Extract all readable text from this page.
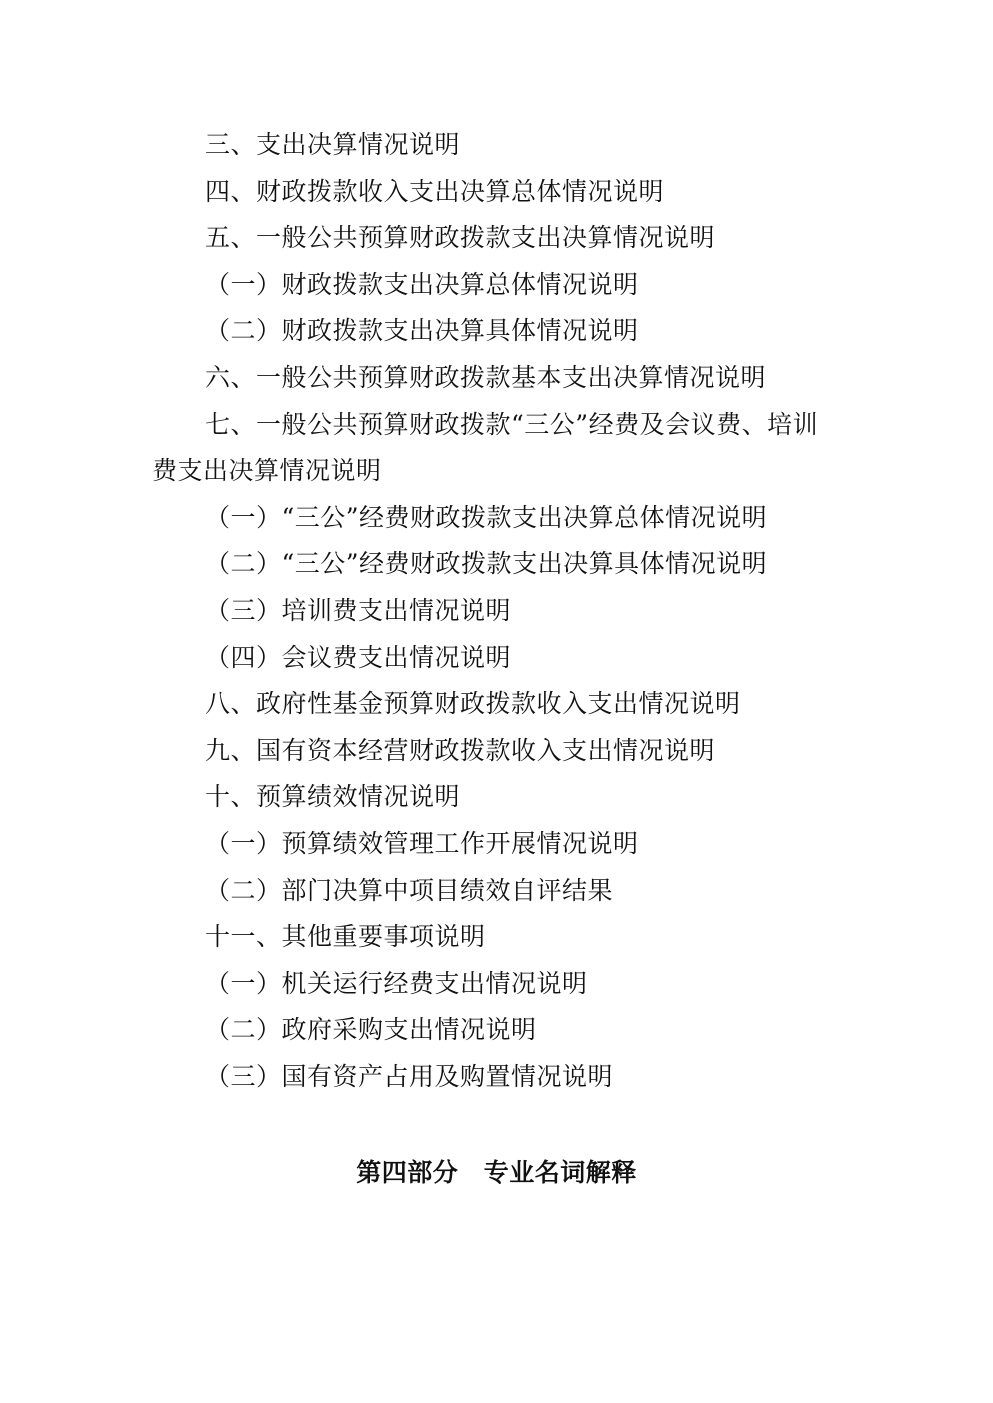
三、支出决算情况说明
四、财政拨款收入支出决算总体情况说明
五、一般公共预算财政拨款支出决算情况说明
（一）财政拨款支出决算总体情况说明
（二）财政拨款支出决算具体情况说明
六、一般公共预算财政拨款基本支出决算情况说明
七、一般公共预算财政拨款“三公”经费及会议费、培训
费支出决算情况说明
（一）“三公”经费财政拨款支出决算总体情况说明
（二）“三公”经费财政拨款支出决算具体情况说明
（三）培训费支出情况说明
（四）会议费支出情况说明
八、政府性基金预算财政拨款收入支出情况说明
九、国有资本经营财政拨款收入支出情况说明
十、预算绩效情况说明
（一）预算绩效管理工作开展情况说明
（二）部门决算中项目绩效自评结果
十一、其他重要事项说明
（一）机关运行经费支出情况说明
（二）政府采购支出情况说明
（三）国有资产占用及购置情况说明
第四部分　专业名词解释
